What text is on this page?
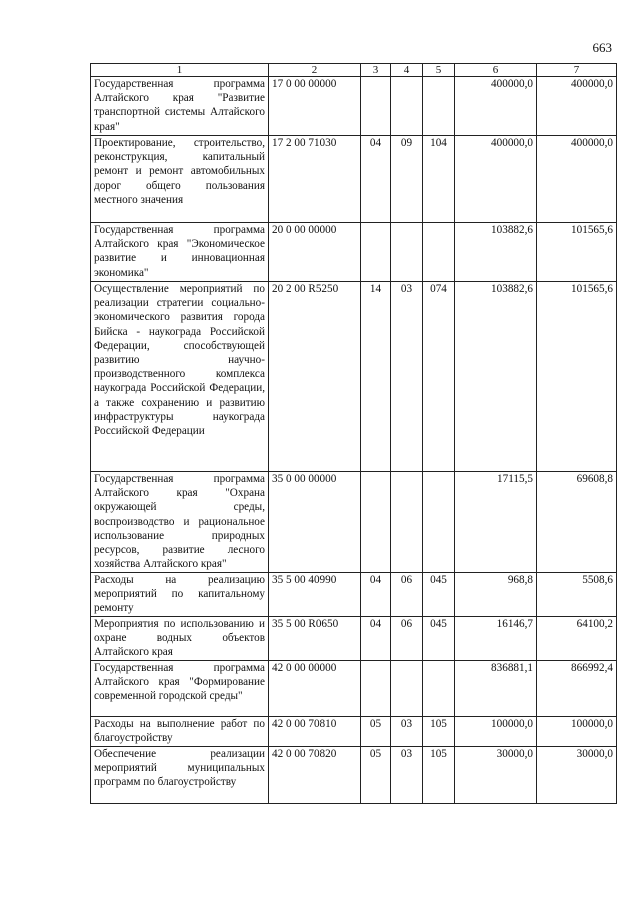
663
1	2	3	4	5	6	7
Государственная программа Алтайского края "Развитие транспортной системы Алтайского края"	17 0 00 00000				400000,0	400000,0
Проектирование, строительство, реконструкция, капитальный ремонт и ремонт автомобильных дорог общего пользования местного значения	17 2 00 71030	04	09	104	400000,0	400000,0
Государственная программа Алтайского края "Экономическое развитие и инновационная экономика"	20 0 00 00000				103882,6	101565,6
Осуществление мероприятий по реализации стратегии социально-экономического развития города Бийска - наукограда Российской Федерации, способствующей развитию научно-производственного комплекса наукограда Российской Федерации, а также сохранению и развитию инфраструктуры наукограда Российской Федерации	20 2 00 R5250	14	03	074	103882,6	101565,6
Государственная программа Алтайского края "Охрана окружающей среды, воспроизводство и рациональное использование природных ресурсов, развитие лесного хозяйства Алтайского края"	35 0 00 00000				17115,5	69608,8
Расходы на реализацию мероприятий по капитальному ремонту	35 5 00 40990	04	06	045	968,8	5508,6
Мероприятия по использованию и охране водных объектов Алтайского края	35 5 00 R0650	04	06	045	16146,7	64100,2
Государственная программа Алтайского края "Формирование современной городской среды"	42 0 00 00000				836881,1	866992,4
Расходы на выполнение работ по благоустройству	42 0 00 70810	05	03	105	100000,0	100000,0
Обеспечение реализации мероприятий муниципальных программ по благоустройству	42 0 00 70820	05	03	105	30000,0	30000,0
